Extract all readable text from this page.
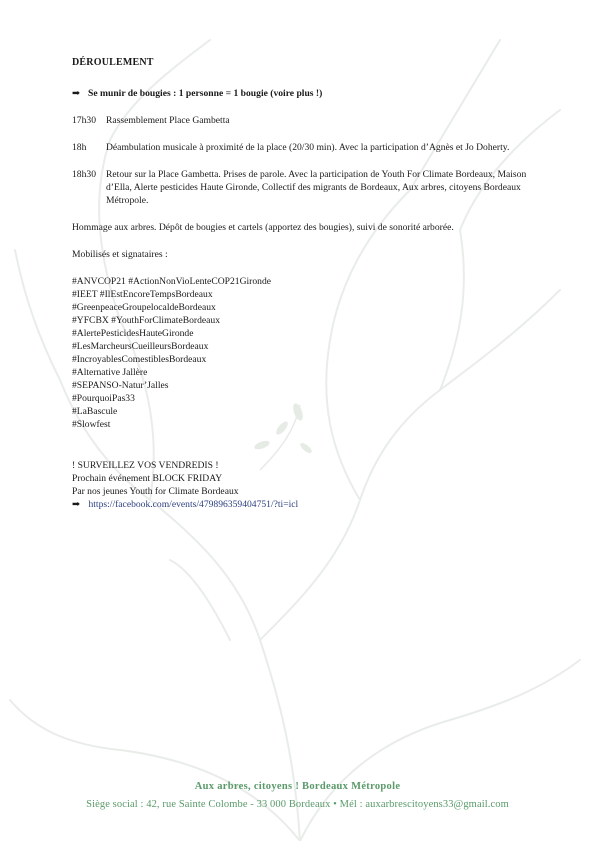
DÉROULEMENT
➡ Se munir de bougies : 1 personne = 1 bougie (voire plus !)
17h30	Rassemblement Place Gambetta
18h	Déambulation musicale à proximité de la place (20/30 min). Avec la participation d’Agnès et Jo Doherty.
18h30	Retour sur la Place Gambetta. Prises de parole. Avec la participation de Youth For Climate Bordeaux, Maison d’Ella, Alerte pesticides Haute Gironde, Collectif des migrants de Bordeaux, Aux arbres, citoyens Bordeaux Métropole.

Hommage aux arbres. Dépôt de bougies et cartels (apportez des bougies), suivi de sonorité arborée.

Mobilisés et signataires :

#ANVCOP21 #ActionNonVioLenteCOP21Gironde
#IEET #IlEstEncoreTempsBordeaux
#GreenpeaceGroupelocaldeBordeaux
#YFCBX #YouthForClimateBordeaux
#AlertePesticidesHauteGironde
#LesMarcheursCueilleursBordeaux
#IncroyablesComestiblesBordeaux
#Alternative Jallère
#SEPANSO-Natur’Jalles
#PourquoiPas33
#LaBascule
#Slowfest
! SURVEILLEZ VOS VENDREDIS !
Prochain événement BLOCK FRIDAY
Par nos jeunes Youth for Climate Bordeaux
➡ https://facebook.com/events/479896359404751/?ti=icl
Aux arbres, citoyens ! Bordeaux Métropole
Siège social : 42, rue Sainte Colombe - 33 000 Bordeaux • Mél : auxarbrescitoyens33@gmail.com
